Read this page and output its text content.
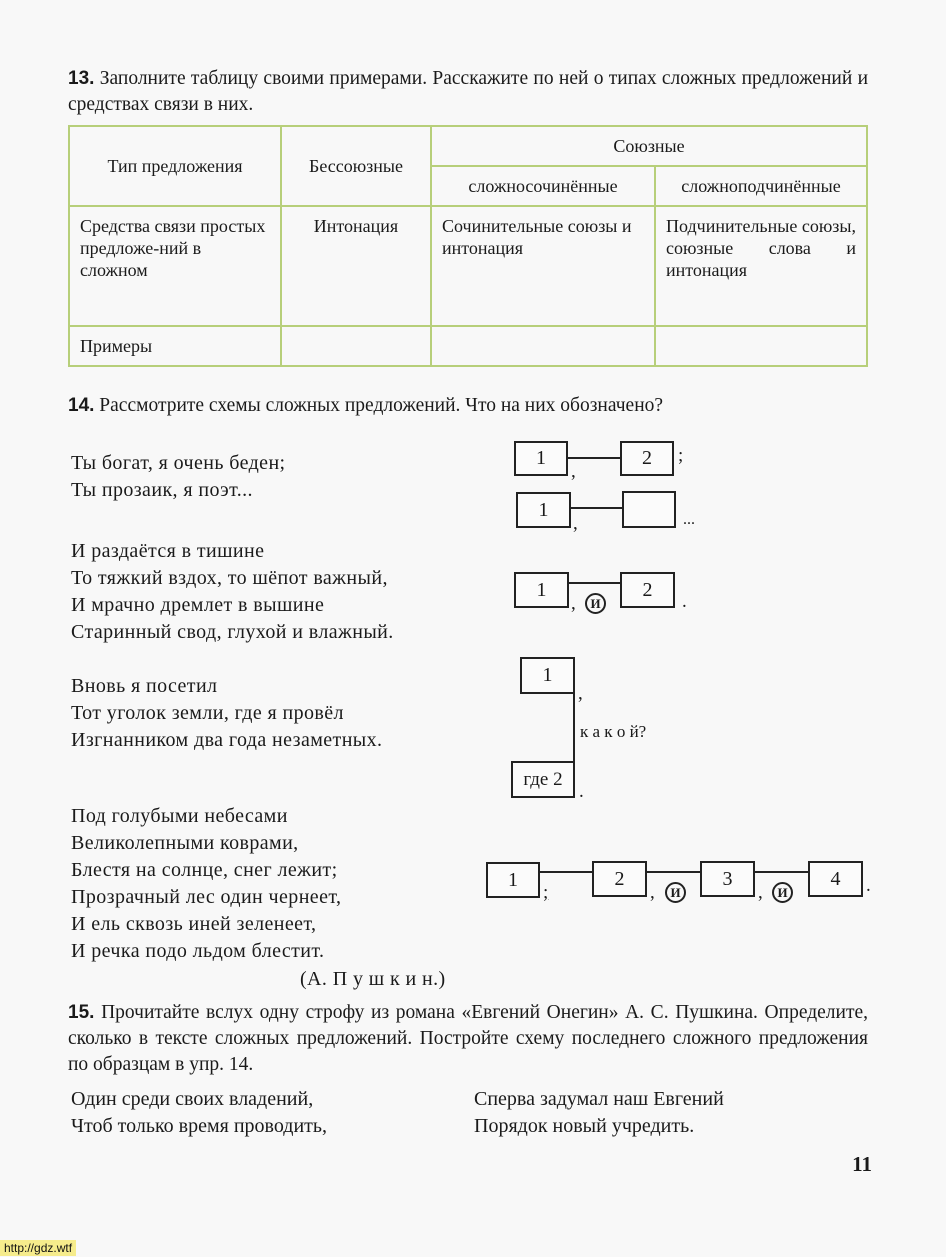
13. Заполните таблицу своими примерами. Расскажите по ней о типах сложных предложений и средствах связи в них.
Тип предложения	Бессоюзные	Союзные	
		сложносочинённые	сложноподчинённые
Средства связи простых предложе-ний в сложном	Интонация	Сочинительные союзы и интонация	Подчинительные союзы, союзные слова и интонация
Примеры			
14. Рассмотрите схемы сложных предложений. Что на них обозначено?
Ты богат, я очень беден;
Ты прозаик, я поэт...
И раздаётся в тишине
То тяжкий вздох, то шёпот важный,
И мрачно дремлет в вышине
Старинный свод, глухой и влажный.
Вновь я посетил
Тот уголок земли, где я провёл
Изгнанником два года незаметных.
Под голубыми небесами
Великолепными коврами,
Блестя на солнце, снег лежит;
Прозрачный лес один чернеет,
И ель сквозь иней зеленеет,
И речка подо льдом блестит.
(А. П у ш к и н.)
1	2
,
;
1
,	...
1	2
,	И	.
1
где 2
,
к а к о й?
.
1	2	3	4
;	,	И	,	И	.
15. Прочитайте вслух одну строфу из романа «Евгений Онегин» А. С. Пушкина. Определите, сколько в тексте сложных предложений. Постройте схему последнего сложного предложения по образцам в упр. 14.
Один среди своих владений,
Чтоб только время проводить,
Сперва задумал наш Евгений
Порядок новый учредить.
11
http://gdz.wtf
